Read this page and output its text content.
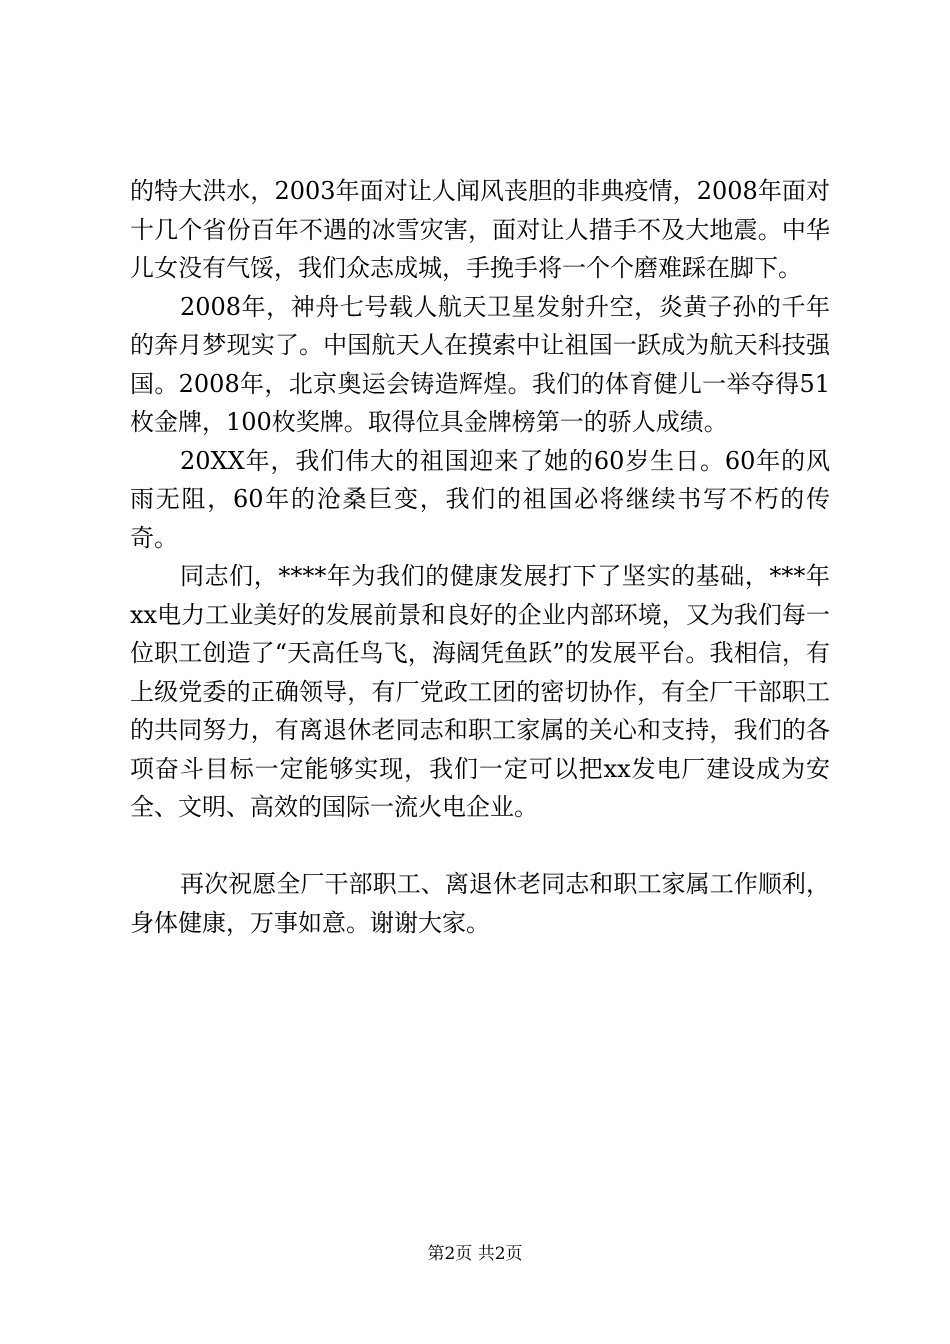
的特大洪水，2003年面对让人闻风丧胆的非典疫情，2008年面对十几个省份百年不遇的冰雪灾害，面对让人措手不及大地震。中华儿女没有气馁，我们众志成城，手挽手将一个个磨难踩在脚下。

2008年，神舟七号载人航天卫星发射升空，炎黄子孙的千年的奔月梦现实了。中国航天人在摸索中让祖国一跃成为航天科技强国。2008年，北京奥运会铸造辉煌。我们的体育健儿一举夺得51枚金牌，100枚奖牌。取得位具金牌榜第一的骄人成绩。

20XX年，我们伟大的祖国迎来了她的60岁生日。60年的风雨无阻，60年的沧桑巨变，我们的祖国必将继续书写不朽的传奇。

同志们，****年为我们的健康发展打下了坚实的基础，***年xx电力工业美好的发展前景和良好的企业内部环境，又为我们每一位职工创造了“天高任鸟飞，海阔凭鱼跃”的发展平台。我相信，有上级党委的正确领导，有厂党政工团的密切协作，有全厂干部职工的共同努力，有离退休老同志和职工家属的关心和支持，我们的各项奋斗目标一定能够实现，我们一定可以把xx发电厂建设成为安全、文明、高效的国际一流火电企业。

再次祝愿全厂干部职工、离退休老同志和职工家属工作顺利，身体健康，万事如意。谢谢大家。

第2页 共2页
